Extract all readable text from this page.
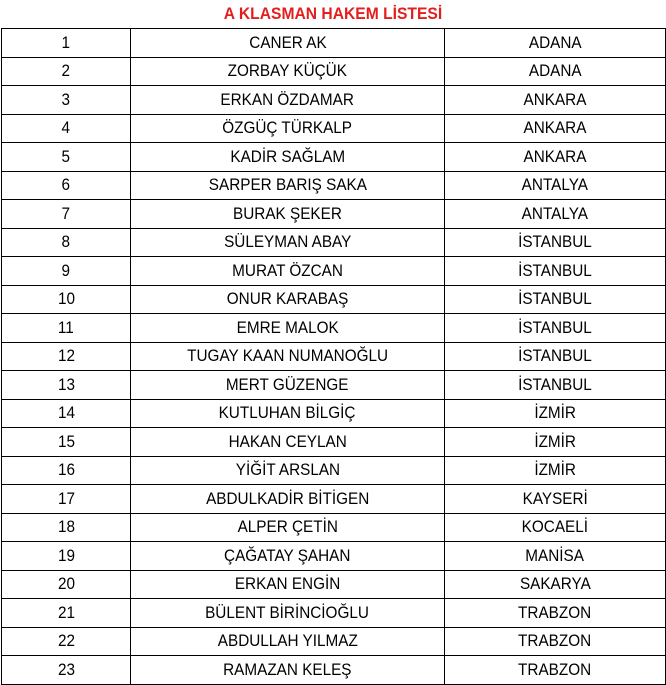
A KLASMAN HAKEM LİSTESİ
1	CANER AK	ADANA
2	ZORBAY KÜÇÜK	ADANA
3	ERKAN ÖZDAMAR	ANKARA
4	ÖZGÜÇ TÜRKALP	ANKARA
5	KADİR SAĞLAM	ANKARA
6	SARPER BARIŞ SAKA	ANTALYA
7	BURAK ŞEKER	ANTALYA
8	SÜLEYMAN ABAY	İSTANBUL
9	MURAT ÖZCAN	İSTANBUL
10	ONUR KARABAŞ	İSTANBUL
11	EMRE MALOK	İSTANBUL
12	TUGAY KAAN NUMANOĞLU	İSTANBUL
13	MERT GÜZENGE	İSTANBUL
14	KUTLUHAN BİLGİÇ	İZMİR
15	HAKAN CEYLAN	İZMİR
16	YİĞİT ARSLAN	İZMİR
17	ABDULKADİR BİTİGEN	KAYSERİ
18	ALPER ÇETİN	KOCAELİ
19	ÇAĞATAY ŞAHAN	MANİSA
20	ERKAN ENGİN	SAKARYA
21	BÜLENT BİRİNCİOĞLU	TRABZON
22	ABDULLAH YILMAZ	TRABZON
23	RAMAZAN KELEŞ	TRABZON
